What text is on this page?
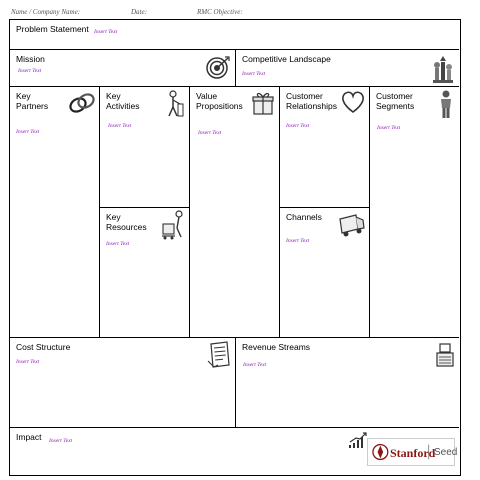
Name / Company Name:	Date:	RMC Objective:
Problem Statement Insert Text
Mission
Insert Text
Competitive Landscape
Insert Text
Key
Partners
Insert Text
Key
Activities
Insert Text
Value
Propositions
Insert Text
Customer
Relationships
Insert Text
Customer
Segments
Insert Text
Key
Resources
Insert Text
Channels
Insert Text
Cost Structure
Insert Text
Revenue Streams
Insert Text
Impact Insert Text
Stanford
Seed
